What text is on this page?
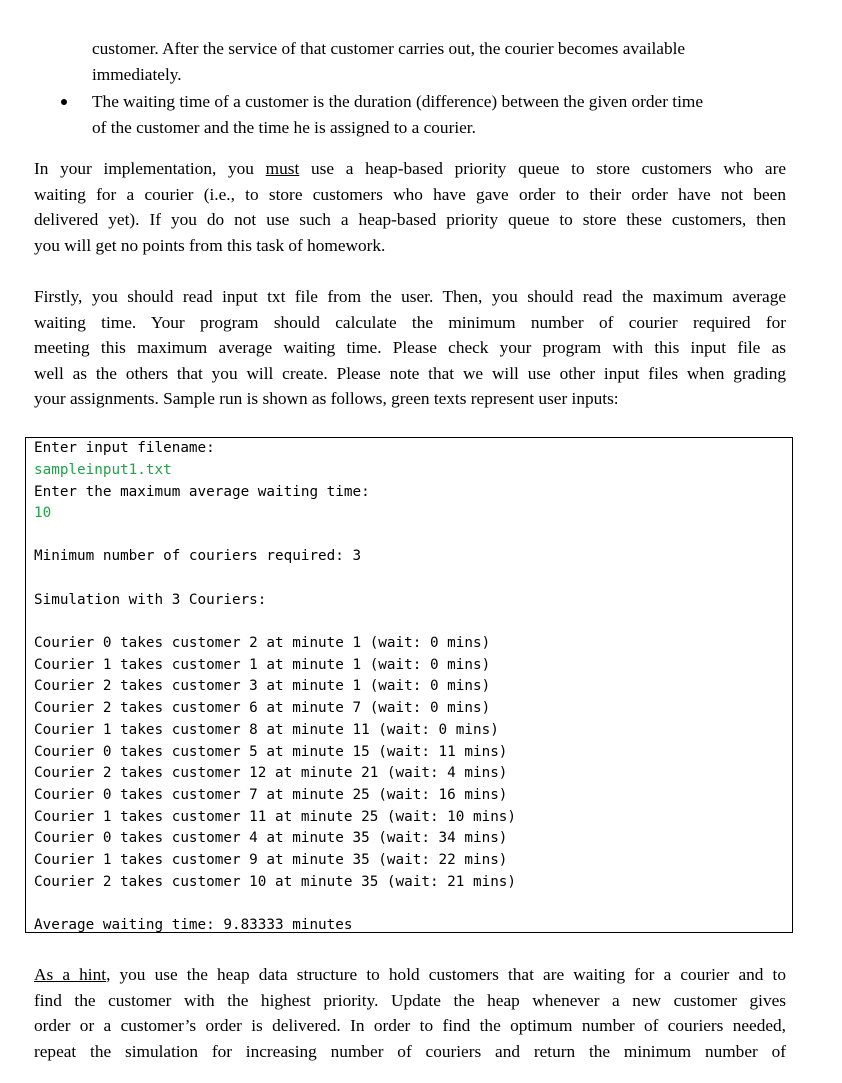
customer. After the service of that customer carries out, the courier becomes available
immediately.
The waiting time of a customer is the duration (difference) between the given order time
of the customer and the time he is assigned to a courier.
In your implementation, you must use a heap-based priority queue to store customers who are
waiting for a courier (i.e., to store customers who have gave order to their order have not been
delivered yet). If you do not use such a heap-based priority queue to store these customers, then
you will get no points from this task of homework.
Firstly, you should read input txt file from the user. Then, you should read the maximum average
waiting time. Your program should calculate the minimum number of courier required for
meeting this maximum average waiting time. Please check your program with this input file as
well as the others that you will create. Please note that we will use other input files when grading
your assignments. Sample run is shown as follows, green texts represent user inputs:
Enter input filename:
sampleinput1.txt
Enter the maximum average waiting time:
10
Minimum number of couriers required: 3
Simulation with 3 Couriers:
Courier 0 takes customer 2 at minute 1 (wait: 0 mins)
Courier 1 takes customer 1 at minute 1 (wait: 0 mins)
Courier 2 takes customer 3 at minute 1 (wait: 0 mins)
Courier 2 takes customer 6 at minute 7 (wait: 0 mins)
Courier 1 takes customer 8 at minute 11 (wait: 0 mins)
Courier 0 takes customer 5 at minute 15 (wait: 11 mins)
Courier 2 takes customer 12 at minute 21 (wait: 4 mins)
Courier 0 takes customer 7 at minute 25 (wait: 16 mins)
Courier 1 takes customer 11 at minute 25 (wait: 10 mins)
Courier 0 takes customer 4 at minute 35 (wait: 34 mins)
Courier 1 takes customer 9 at minute 35 (wait: 22 mins)
Courier 2 takes customer 10 at minute 35 (wait: 21 mins)
Average waiting time: 9.83333 minutes
As a hint, you use the heap data structure to hold customers that are waiting for a courier and to
find the customer with the highest priority. Update the heap whenever a new customer gives
order or a customer’s order is delivered. In order to find the optimum number of couriers needed,
repeat the simulation for increasing number of couriers and return the minimum number of
